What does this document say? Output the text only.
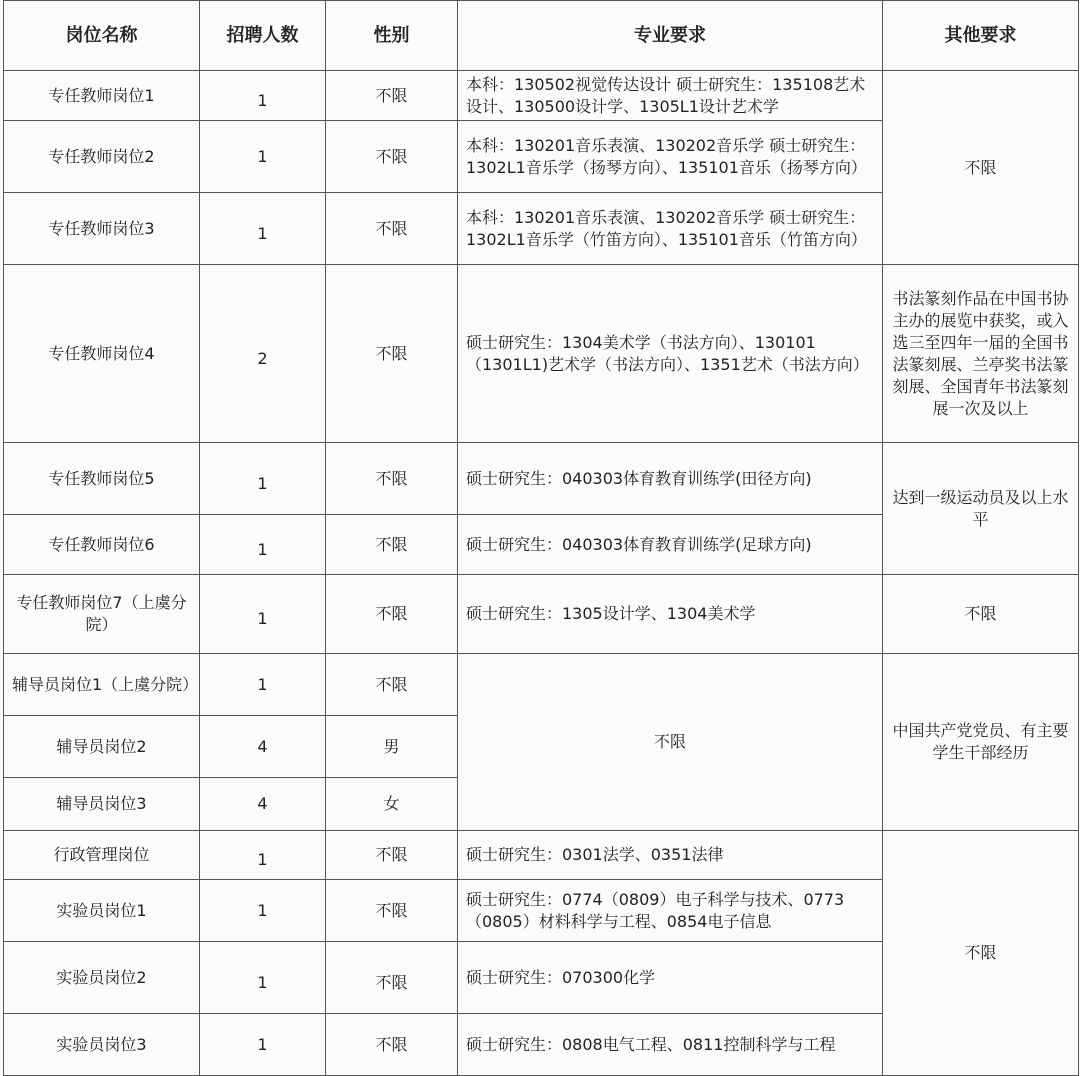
岗位名称	招聘人数	性别	专业要求	其他要求
专任教师岗位1	1	不限	本科：130502视觉传达设计 硕士研究生：135108艺术设计、130500设计学、1305L1设计艺术学	不限
专任教师岗位2	1	不限	本科：130201音乐表演、130202音乐学 硕士研究生：1302L1音乐学（扬琴方向）、135101音乐（扬琴方向）	
专任教师岗位3	1	不限	本科：130201音乐表演、130202音乐学 硕士研究生：1302L1音乐学（竹笛方向）、135101音乐（竹笛方向）	
专任教师岗位4	2	不限	硕士研究生：1304美术学（书法方向）、130101（1301L1)艺术学（书法方向）、1351艺术（书法方向）	书法篆刻作品在中国书协主办的展览中获奖，或入选三至四年一届的全国书法篆刻展、兰亭奖书法篆刻展、全国青年书法篆刻展一次及以上
专任教师岗位5	1	不限	硕士研究生：040303体育教育训练学(田径方向)	达到一级运动员及以上水平
专任教师岗位6	1	不限	硕士研究生：040303体育教育训练学(足球方向)	
专任教师岗位7（上虞分院）	1	不限	硕士研究生：1305设计学、1304美术学	不限
辅导员岗位1（上虞分院）	1	不限	不限	中国共产党党员、有主要学生干部经历
辅导员岗位2	4	男		
辅导员岗位3	4	女		
行政管理岗位	1	不限	硕士研究生：0301法学、0351法律	不限
实验员岗位1	1	不限	硕士研究生：0774（0809）电子科学与技术、0773（0805）材料科学与工程、0854电子信息	
实验员岗位2	1	不限	硕士研究生：070300化学	
实验员岗位3	1	不限	硕士研究生：0808电气工程、0811控制科学与工程	
